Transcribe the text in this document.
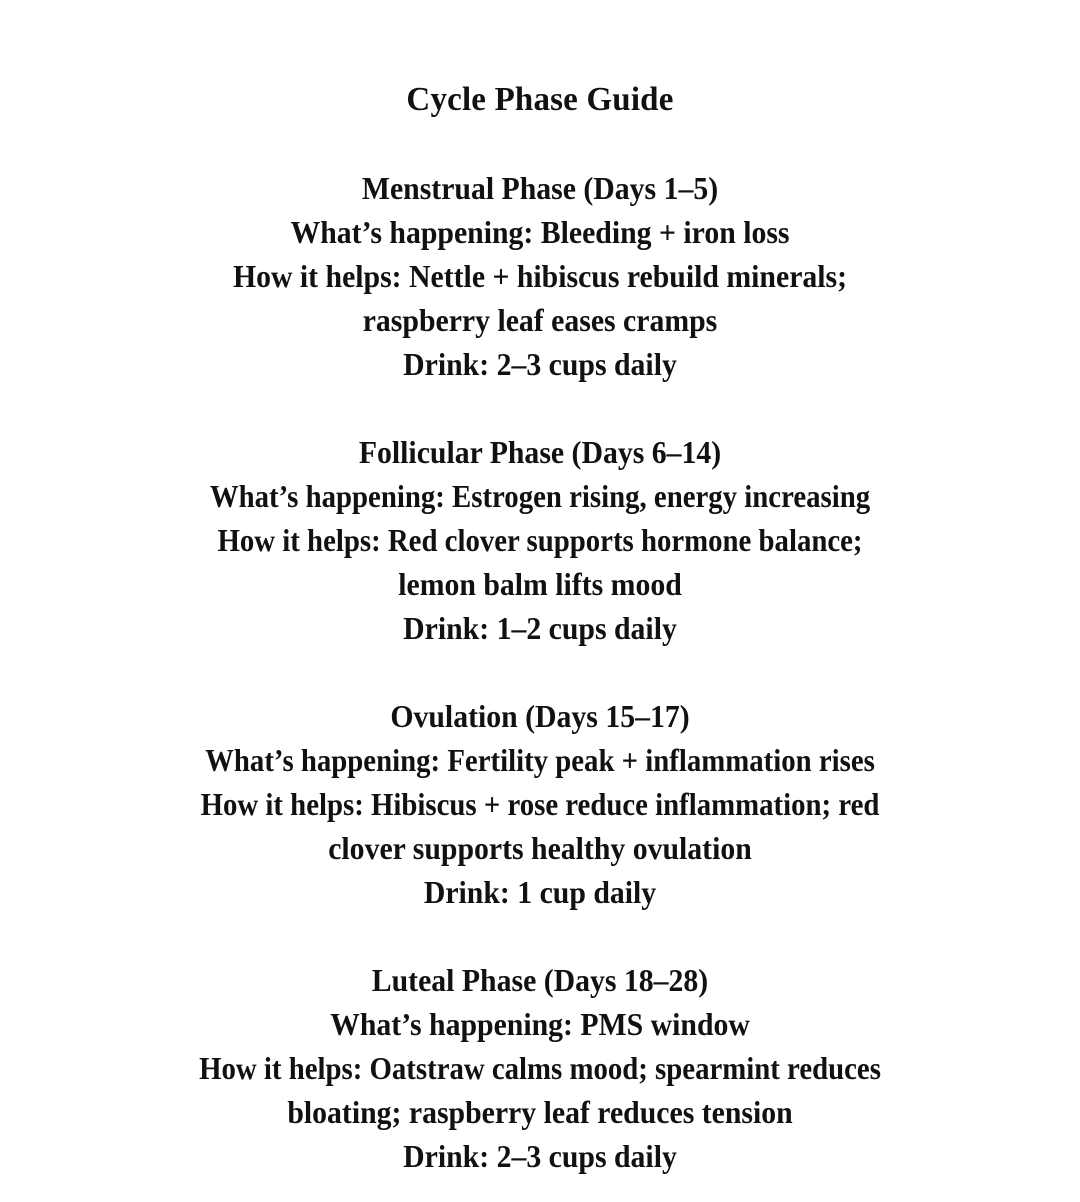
Cycle Phase Guide
Menstrual Phase (Days 1–5)
What’s happening: Bleeding + iron loss
How it helps: Nettle + hibiscus rebuild minerals;
raspberry leaf eases cramps
Drink: 2–3 cups daily
Follicular Phase (Days 6–14)
What’s happening: Estrogen rising, energy increasing
How it helps: Red clover supports hormone balance;
lemon balm lifts mood
Drink: 1–2 cups daily
Ovulation (Days 15–17)
What’s happening: Fertility peak + inflammation rises
How it helps: Hibiscus + rose reduce inflammation; red
clover supports healthy ovulation
Drink: 1 cup daily
Luteal Phase (Days 18–28)
What’s happening: PMS window
How it helps: Oatstraw calms mood; spearmint reduces
bloating; raspberry leaf reduces tension
Drink: 2–3 cups daily
